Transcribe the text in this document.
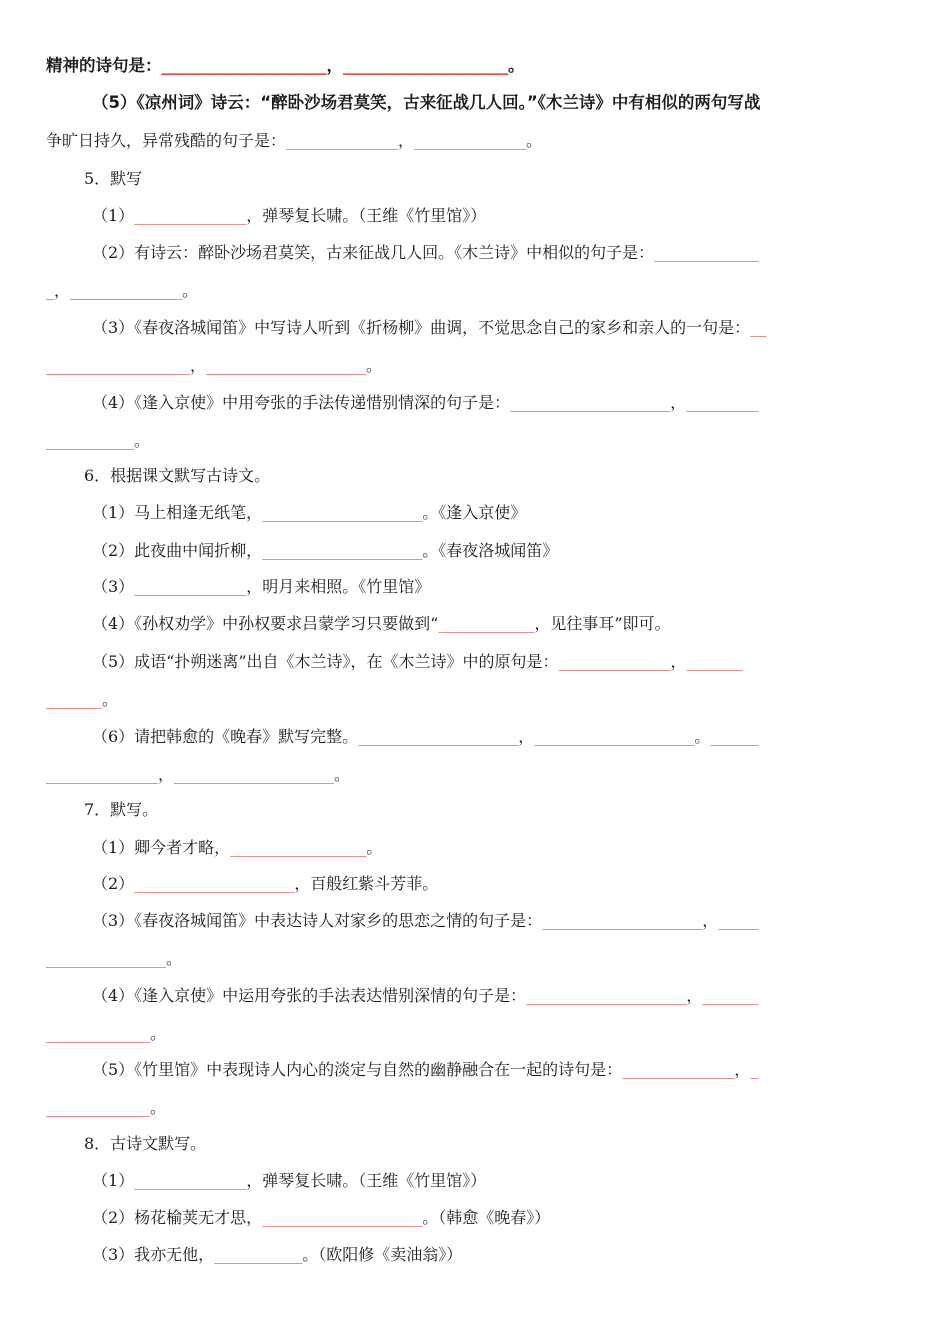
精神的诗句是：____________________，____________________。
（5）《凉州词》诗云：“醉卧沙场君莫笑，古来征战几人回。”《木兰诗》中有相似的两句写战
争旷日持久，异常残酷的句子是：______________，______________。
5．默写
（1）______________，弹琴复长啸。（王维《竹里馆》）
（2）有诗云：醉卧沙场君莫笑，古来征战几人回。《木兰诗》中相似的句子是：_____________
_，______________。
（3）《春夜洛城闻笛》中写诗人听到《折杨柳》曲调，不觉思念自己的家乡和亲人的一句是：__
__________________，____________________。
（4）《逢入京使》中用夸张的手法传递惜别情深的句子是：____________________，_________
___________。
6．根据课文默写古诗文。
（1）马上相逢无纸笔，____________________。《逢入京使》
（2）此夜曲中闻折柳，____________________。《春夜洛城闻笛》
（3）______________，明月来相照。《竹里馆》
（4）《孙权劝学》中孙权要求吕蒙学习只要做到“____________，见往事耳”即可。
（5）成语“扑朔迷离”出自《木兰诗》，在《木兰诗》中的原句是：______________，_______
_______。
（6）请把韩愈的《晚春》默写完整。____________________，____________________。______
______________，____________________。
7．默写。
（1）卿今者才略，_________________。
（2）____________________，百般红紫斗芳菲。
（3）《春夜洛城闻笛》中表达诗人对家乡的思恋之情的句子是：____________________，_____
_______________。
（4）《逢入京使》中运用夸张的手法表达惜别深情的句子是：____________________，_______
_____________。
（5）《竹里馆》中表现诗人内心的淡定与自然的幽静融合在一起的诗句是：______________，_
_____________。
8．古诗文默写。
（1）______________，弹琴复长啸。（王维《竹里馆》）
（2）杨花榆荚无才思，____________________。（韩愈《晚春》）
（3）我亦无他，___________。（欧阳修《卖油翁》）
